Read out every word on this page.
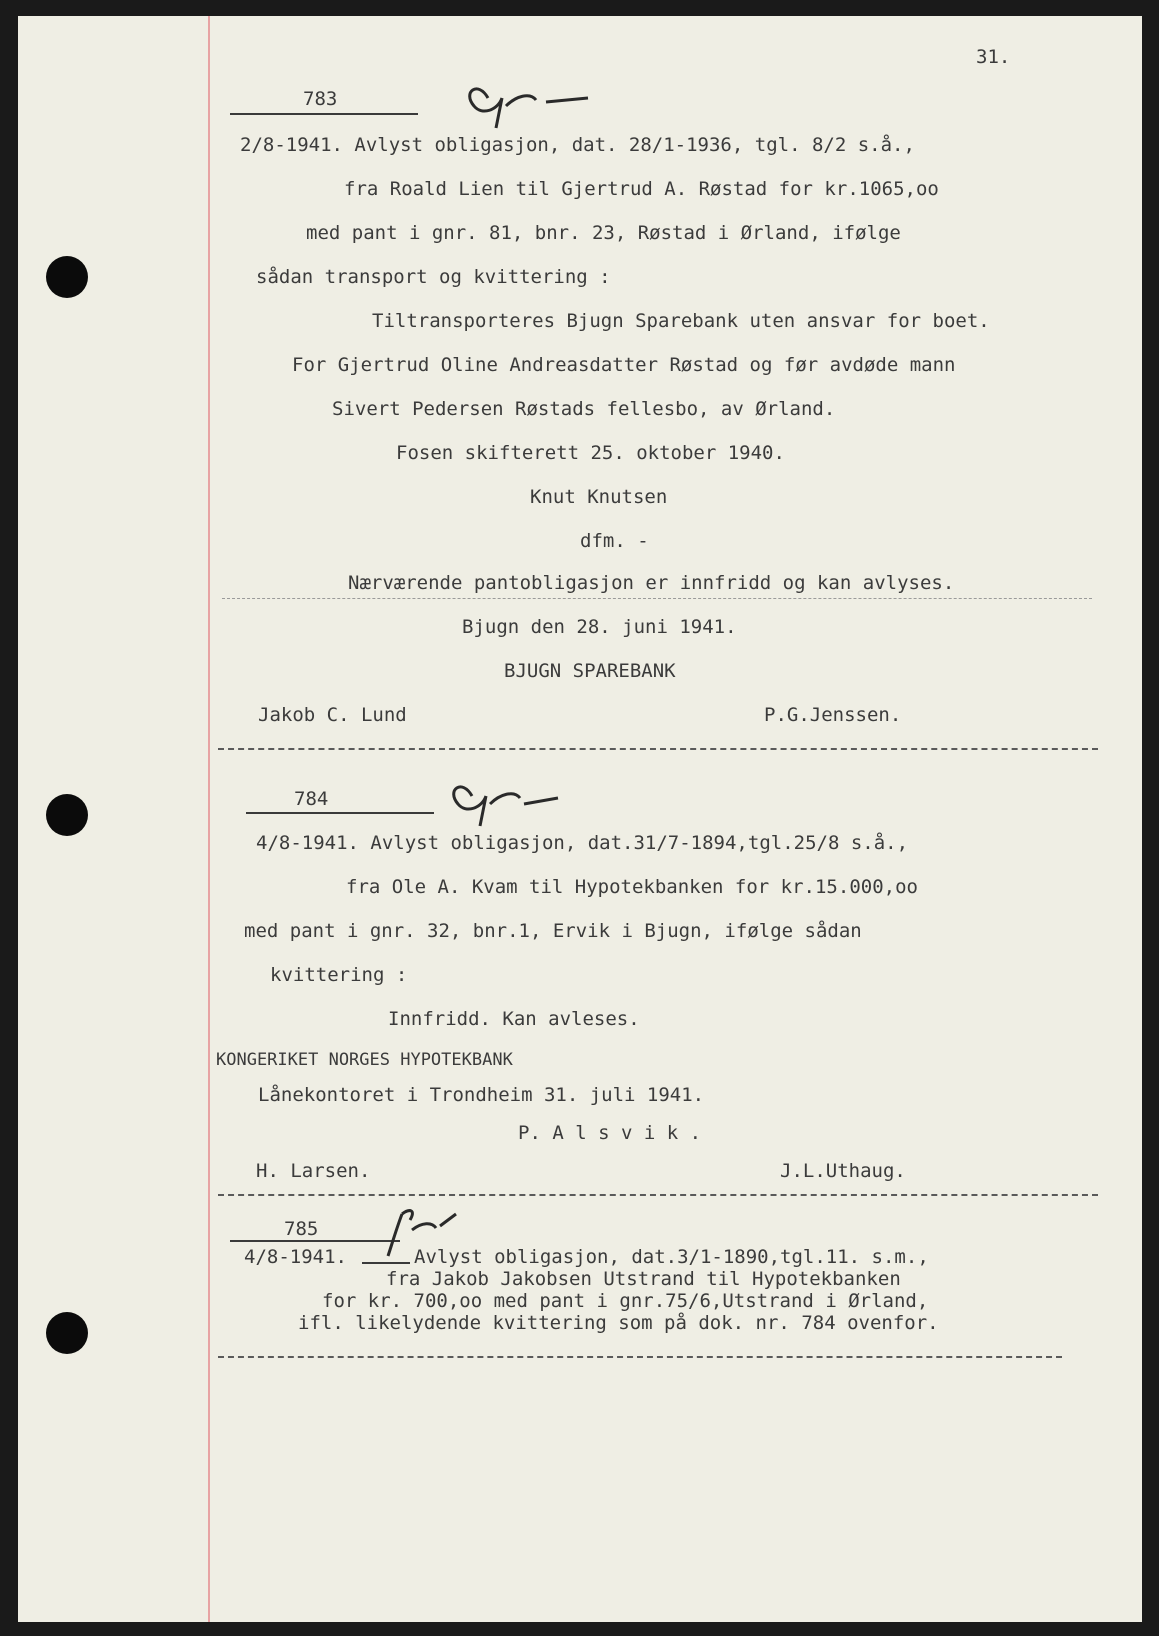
31.
783
2/8-1941. Avlyst obligasjon, dat. 28/1-1936, tgl. 8/2 s.å.,
fra Roald Lien til Gjertrud A. Røstad for kr.1065,oo
med pant i gnr. 81, bnr. 23, Røstad i Ørland, ifølge
sådan transport og kvittering :
Tiltransporteres Bjugn Sparebank uten ansvar for boet.
For Gjertrud Oline Andreasdatter Røstad og før avdøde mann
Sivert Pedersen Røstads fellesbo, av Ørland.
Fosen skifterett 25. oktober 1940.
Knut Knutsen
dfm. -
Nærværende pantobligasjon er innfridd og kan avlyses.
Bjugn den 28. juni 1941.
BJUGN SPAREBANK
Jakob C. Lund	P.G.Jenssen.
784
4/8-1941. Avlyst obligasjon, dat.31/7-1894,tgl.25/8 s.å.,
fra Ole A. Kvam til Hypotekbanken for kr.15.000,oo
med pant i gnr. 32, bnr.1, Ervik i Bjugn, ifølge sådan
kvittering :
Innfridd. Kan avleses.
KONGERIKET NORGES HYPOTEKBANK
Lånekontoret i Trondheim 31. juli 1941.
P. A l s v i k .
H. Larsen.	J.L.Uthaug.
785
4/8-1941.	Avlyst obligasjon, dat.3/1-1890,tgl.11. s.m.,
fra Jakob Jakobsen Utstrand til Hypotekbanken
for kr. 700,oo med pant i gnr.75/6,Utstrand i Ørland,
ifl. likelydende kvittering som på dok. nr. 784 ovenfor.
